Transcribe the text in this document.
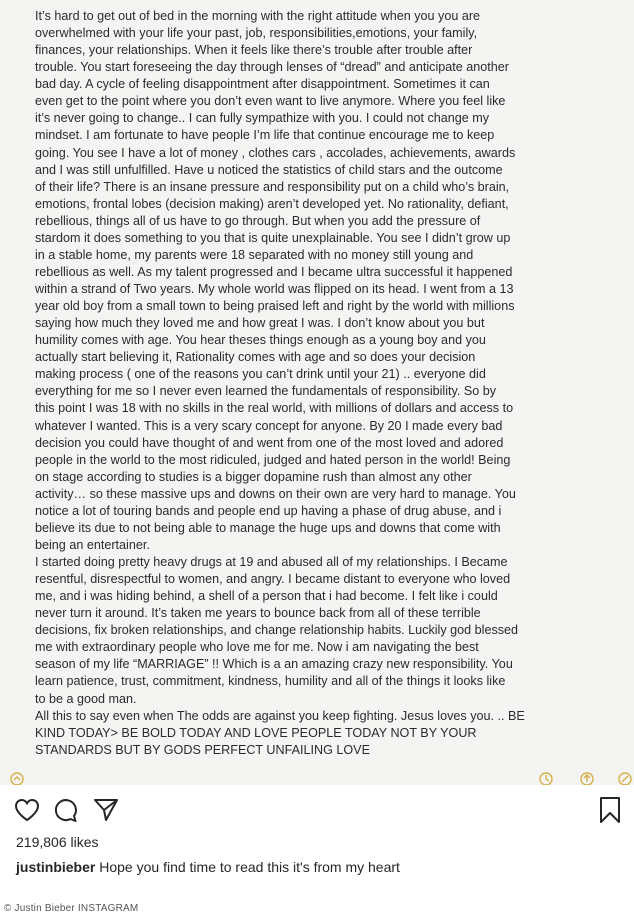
It’s hard to get out of bed in the morning with the right attitude when you you are
overwhelmed with your life your past, job, responsibilities,emotions, your family,
finances, your relationships. When it feels like there’s trouble after trouble after
trouble. You start foreseeing the day through lenses of “dread” and anticipate another
bad day. A cycle of feeling disappointment after disappointment. Sometimes it can
even get to the point where you don’t even want to live anymore. Where you feel like
it’s never going to change.. I can fully sympathize with you. I could not change my
mindset. I am fortunate to have people I’m life that continue encourage me to keep
going. You see I have a lot of money , clothes cars , accolades, achievements, awards
and I was still unfulfilled. Have u noticed the statistics of child stars and the outcome
of their life? There is an insane pressure and responsibility put on a child who’s brain,
emotions, frontal lobes (decision making) aren’t developed yet. No rationality, defiant,
rebellious, things all of us have to go through. But when you add the pressure of
stardom it does something to you that is quite unexplainable. You see I didn’t grow up
in a stable home, my parents were 18 separated with no money still young and
rebellious as well. As my talent progressed and I became ultra successful it happened
within a strand of Two years. My whole world was flipped on its head. I went from a 13
year old boy from a small town to being praised left and right by the world with millions
saying how much they loved me and how great I was. I don’t know about you but
humility comes with age. You hear theses things enough as a young boy and you
actually start believing it, Rationality comes with age and so does your decision
making process ( one of the reasons you can’t drink until your 21) .. everyone did
everything for me so I never even learned the fundamentals of responsibility. So by
this point I was 18 with no skills in the real world, with millions of dollars and access to
whatever I wanted. This is a very scary concept for anyone. By 20 I made every bad
decision you could have thought of and went from one of the most loved and adored
people in the world to the most ridiculed, judged and hated person in the world! Being
on stage according to studies is a bigger dopamine rush than almost any other
activity… so these massive ups and downs on their own are very hard to manage. You
notice a lot of touring bands and people end up having a phase of drug abuse, and i
believe its due to not being able to manage the huge ups and downs that come with
being an entertainer.

I started doing pretty heavy drugs at 19 and abused all of my relationships. I Became
resentful, disrespectful to women, and angry. I became distant to everyone who loved
me, and i was hiding behind, a shell of a person that i had become. I felt like i could
never turn it around. It’s taken me years to bounce back from all of these terrible
decisions, fix broken relationships, and change relationship habits. Luckily god blessed
me with extraordinary people who love me for me. Now i am navigating the best
season of my life “MARRIAGE” !! Which is a an amazing crazy new responsibility. You
learn patience, trust, commitment, kindness, humility and all of the things it looks like
to be a good man.

All this to say even when The odds are against you keep fighting. Jesus loves you. .. BE
KIND TODAY> BE BOLD TODAY AND LOVE PEOPLE TODAY NOT BY YOUR
STANDARDS BUT BY GODS PERFECT UNFAILING LOVE

219,806 likes
justinbieber Hope you find time to read this it's from my heart
© Justin Bieber INSTAGRAM
